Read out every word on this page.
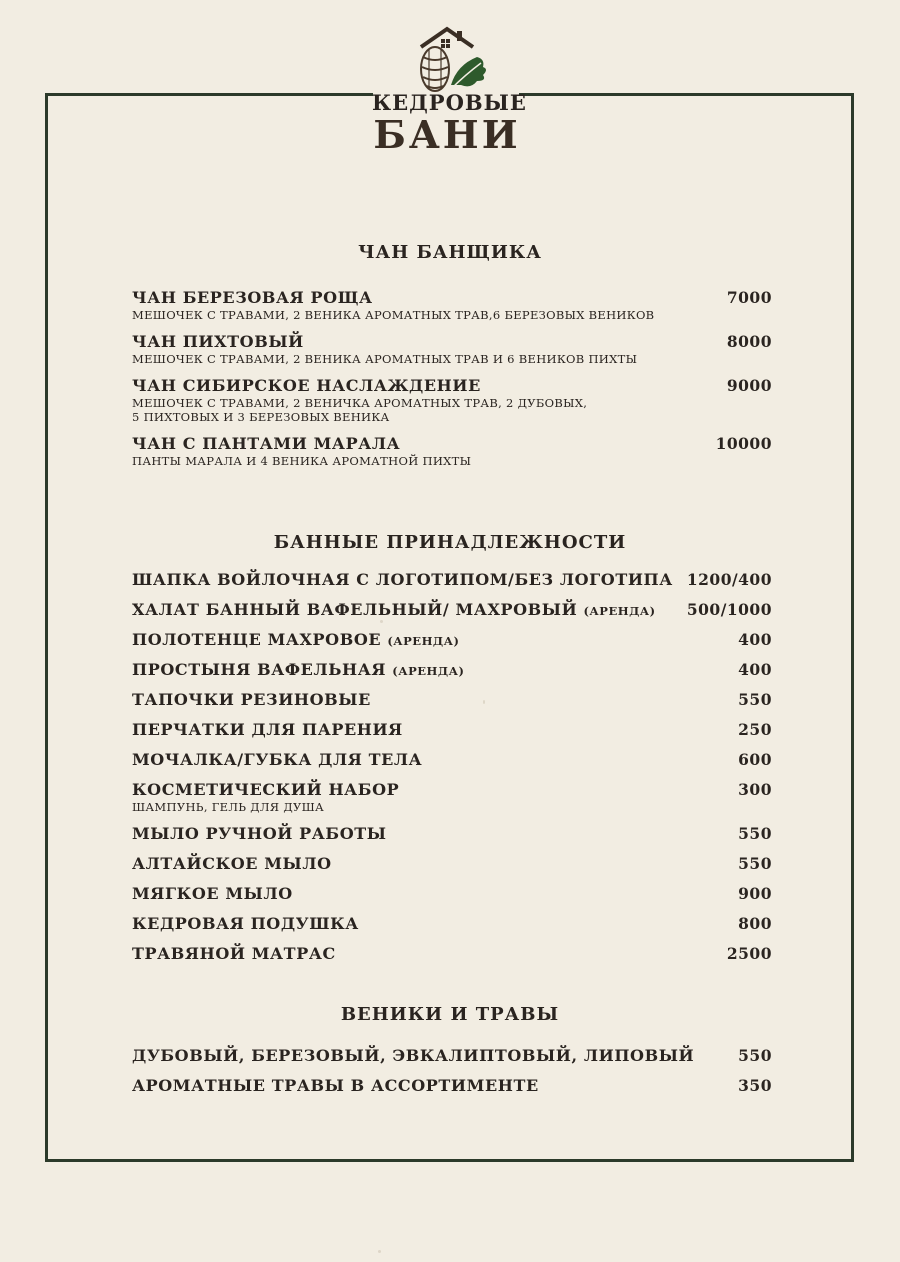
КЕДРОВЫЕ
БАНИ
ЧАН БАНЩИКА
ЧАН БЕРЕЗОВАЯ РОЩА
МЕШОЧЕК С ТРАВАМИ, 2 ВЕНИКА АРОМАТНЫХ ТРАВ,6 БЕРЕЗОВЫХ ВЕНИКОВ
7000
ЧАН ПИХТОВЫЙ
МЕШОЧЕК С ТРАВАМИ, 2 ВЕНИКА АРОМАТНЫХ ТРАВ И 6 ВЕНИКОВ ПИХТЫ
8000
ЧАН СИБИРСКОЕ НАСЛАЖДЕНИЕ
МЕШОЧЕК С ТРАВАМИ, 2 ВЕНИЧКА АРОМАТНЫХ ТРАВ, 2 ДУБОВЫХ,
5 ПИХТОВЫХ И 3 БЕРЕЗОВЫХ ВЕНИКА
9000
ЧАН С ПАНТАМИ МАРАЛА
ПАНТЫ МАРАЛА И 4 ВЕНИКА АРОМАТНОЙ ПИХТЫ
10000
БАННЫЕ ПРИНАДЛЕЖНОСТИ
ШАПКА ВОЙЛОЧНАЯ С ЛОГОТИПОМ/БЕЗ ЛОГОТИПА 1200/400
ХАЛАТ БАННЫЙ ВАФЕЛЬНЫЙ/ МАХРОВЫЙ (АРЕНДА)	500/1000
ПОЛОТЕНЦЕ МАХРОВОЕ (АРЕНДА)	400
ПРОСТЫНЯ ВАФЕЛЬНАЯ (АРЕНДА)	400
ТАПОЧКИ РЕЗИНОВЫЕ	550
ПЕРЧАТКИ ДЛЯ ПАРЕНИЯ	250
МОЧАЛКА/ГУБКА ДЛЯ ТЕЛА	600
КОСМЕТИЧЕСКИЙ НАБОР
ШАМПУНЬ, ГЕЛЬ ДЛЯ ДУША
300
МЫЛО РУЧНОЙ РАБОТЫ	550
АЛТАЙСКОЕ МЫЛО	550
МЯГКОЕ МЫЛО	900
КЕДРОВАЯ ПОДУШКА	800
ТРАВЯНОЙ МАТРАС	2500
ВЕНИКИ И ТРАВЫ
ДУБОВЫЙ, БЕРЕЗОВЫЙ, ЭВКАЛИПТОВЫЙ, ЛИПОВЫЙ	550
АРОМАТНЫЕ ТРАВЫ В АССОРТИМЕНТЕ	350
